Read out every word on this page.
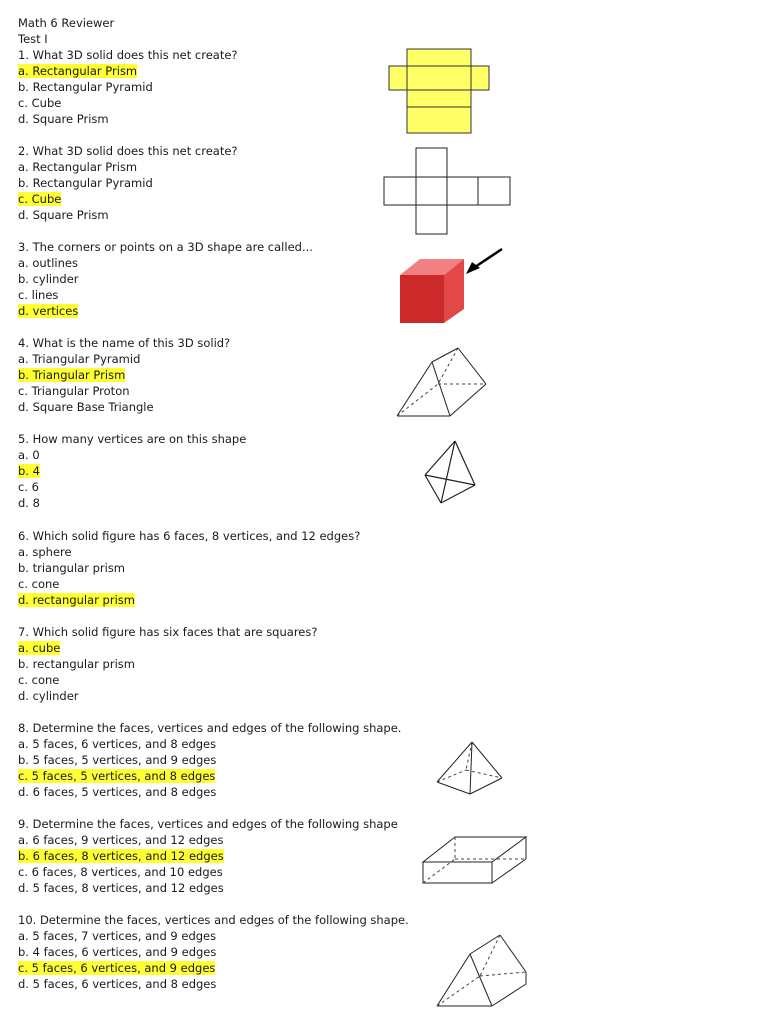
Math 6 Reviewer
Test I
1. What 3D solid does this net create?
a. Rectangular Prism
b. Rectangular Pyramid
c. Cube
d. Square Prism
2. What 3D solid does this net create?
a. Rectangular Prism
b. Rectangular Pyramid
c. Cube
d. Square Prism
3. The corners or points on a 3D shape are called...
a. outlines
b. cylinder
c. lines
d. vertices
4. What is the name of this 3D solid?
a. Triangular Pyramid
b. Triangular Prism
c. Triangular Proton
d. Square Base Triangle
5. How many vertices are on this shape
a. 0
b. 4
c. 6
d. 8
6. Which solid figure has 6 faces, 8 vertices, and 12 edges?
a. sphere
b. triangular prism
c. cone
d. rectangular prism
7. Which solid figure has six faces that are squares?
a. cube
b. rectangular prism
c. cone
d. cylinder
8. Determine the faces, vertices and edges of the following shape.
a. 5 faces, 6 vertices, and 8 edges
b. 5 faces, 5 vertices, and 9 edges
c. 5 faces, 5 vertices, and 8 edges
d. 6 faces, 5 vertices, and 8 edges
9. Determine the faces, vertices and edges of the following shape
a. 6 faces, 9 vertices, and 12 edges
b. 6 faces, 8 vertices, and 12 edges
c. 6 faces, 8 vertices, and 10 edges
d. 5 faces, 8 vertices, and 12 edges
10. Determine the faces, vertices and edges of the following shape.
a. 5 faces, 7 vertices, and 9 edges
b. 4 faces, 6 vertices, and 9 edges
c. 5 faces, 6 vertices, and 9 edges
d. 5 faces, 6 vertices, and 8 edges
